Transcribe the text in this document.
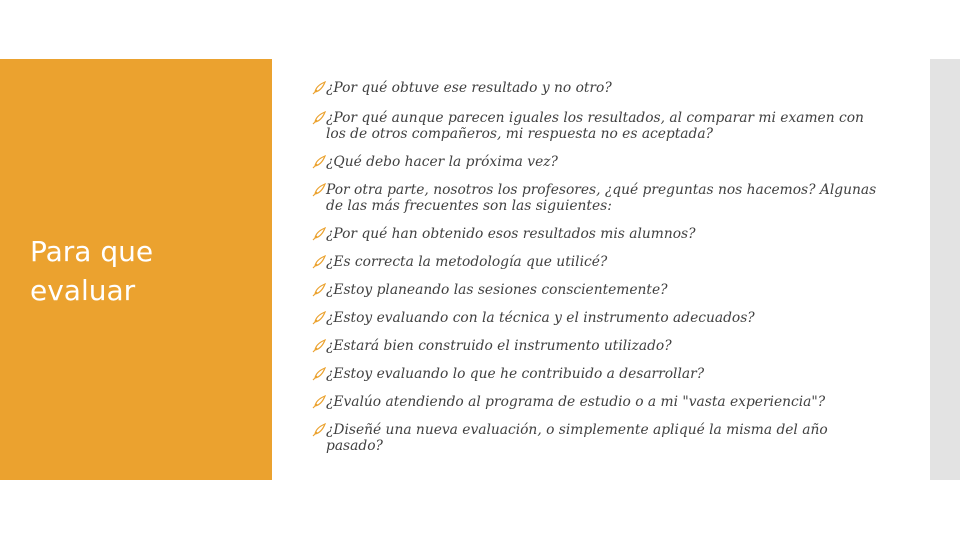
Para que evaluar
¿Por qué obtuve ese resultado y no otro?
¿Por qué aunque parecen iguales los resultados, al comparar mi examen con los de otros compañeros, mi respuesta no es aceptada?
¿Qué debo hacer la próxima vez?
Por otra parte, nosotros los profesores, ¿qué preguntas nos hacemos? Algunas de las más frecuentes son las siguientes:
¿Por qué han obtenido esos resultados mis alumnos?
¿Es correcta la metodología que utilicé?
¿Estoy planeando las sesiones conscientemente?
¿Estoy evaluando con la técnica y el instrumento adecuados?
¿Estará bien construido el instrumento utilizado?
¿Estoy evaluando lo que he contribuido a desarrollar?
¿Evalúo atendiendo al programa de estudio o a mi "vasta experiencia"?
¿Diseñé una nueva evaluación, o simplemente apliqué la misma del año pasado?
